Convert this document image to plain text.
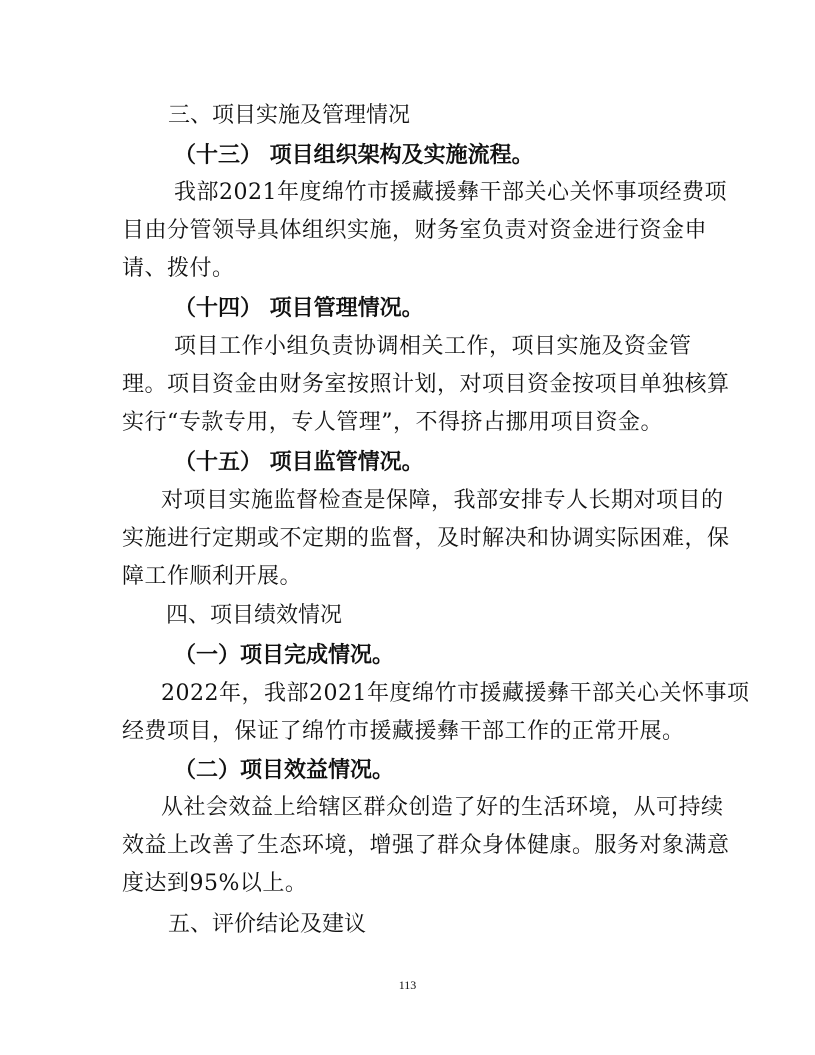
三、项目实施及管理情况

（十三） 项目组织架构及实施流程。

我部2021年度绵竹市援藏援彝干部关心关怀事项经费项

目由分管领导具体组织实施，财务室负责对资金进行资金申

请、拨付。

（十四） 项目管理情况。

项目工作小组负责协调相关工作，项目实施及资金管

理。项目资金由财务室按照计划，对项目资金按项目单独核算

实行“专款专用，专人管理”，不得挤占挪用项目资金。

（十五） 项目监管情况。

对项目实施监督检查是保障，我部安排专人长期对项目的

实施进行定期或不定期的监督，及时解决和协调实际困难，保

障工作顺利开展。

四、项目绩效情况

（一）项目完成情况。

2022年，我部2021年度绵竹市援藏援彝干部关心关怀事项

经费项目，保证了绵竹市援藏援彝干部工作的正常开展。

（二）项目效益情况。

从社会效益上给辖区群众创造了好的生活环境，从可持续

效益上改善了生态环境，增强了群众身体健康。服务对象满意

度达到95%以上。

五、评价结论及建议

113
